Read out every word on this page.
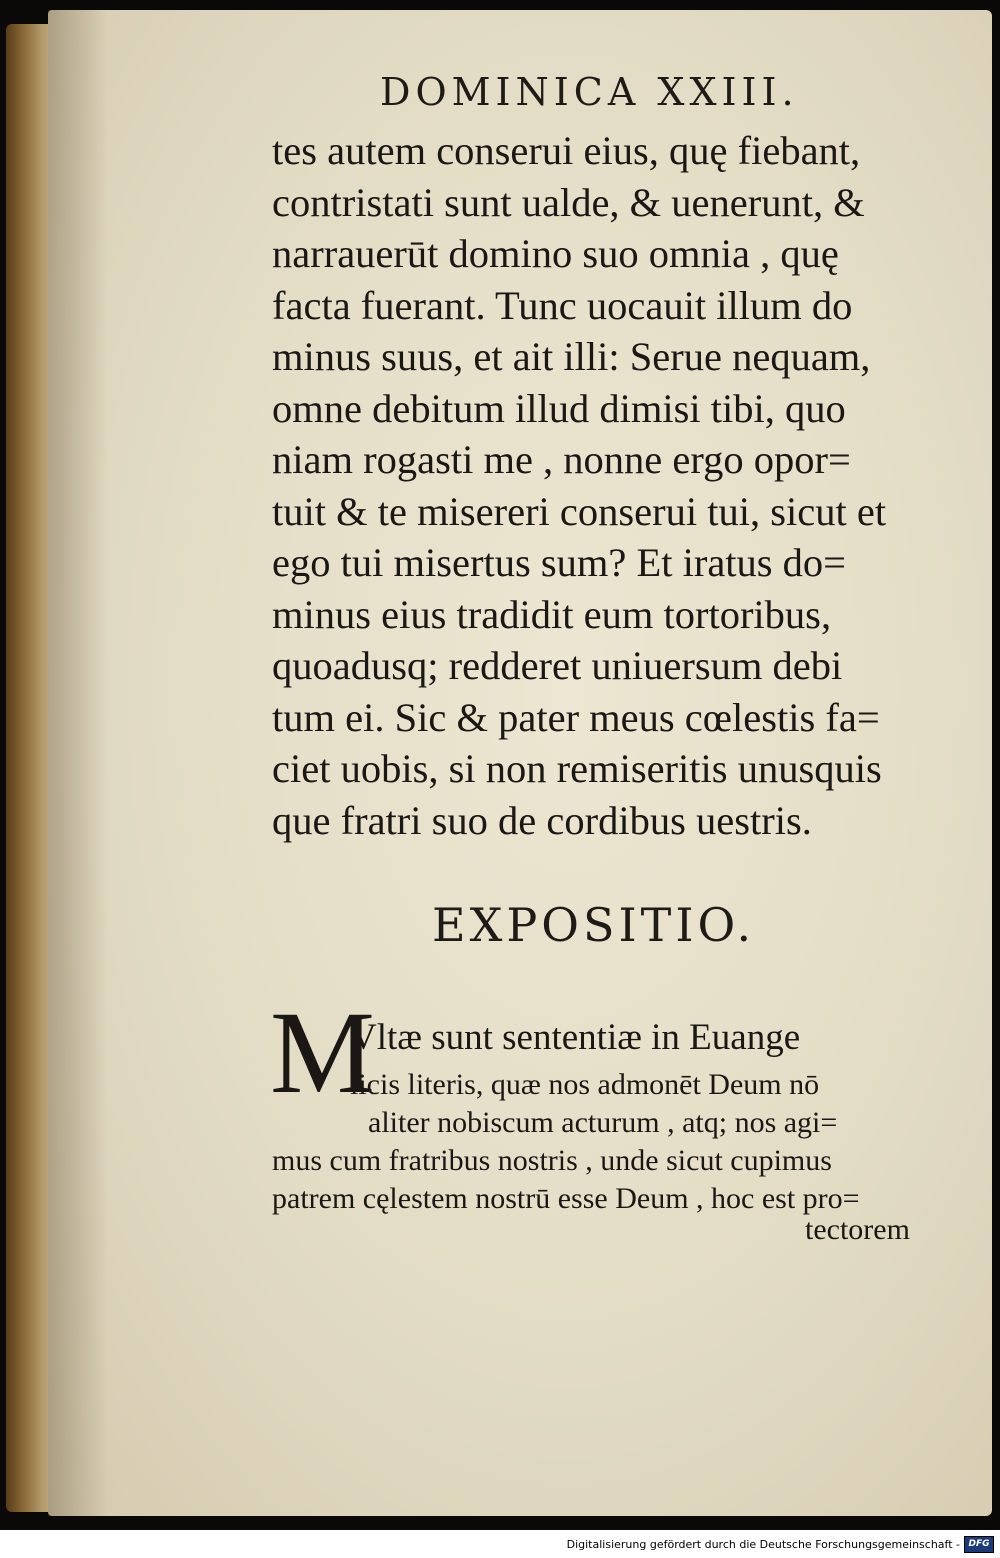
DOMINICA XXIII.
tes autem conserui eius, quę fiebant,
contristati sunt ualde, & uenerunt, &
narrauerūt domino suo omnia , quę
facta fuerant. Tunc uocauit illum do
minus suus, et ait illi: Serue nequam,
omne debitum illud dimisi tibi, quo
niam rogasti me , nonne ergo opor=
tuit & te misereri conserui tui, sicut et
ego tui misertus sum? Et iratus do=
minus eius tradidit eum tortoribus,
quoadusq; redderet uniuersum debi
tum ei. Sic & pater meus cœlestis fa=
ciet uobis, si non remiseritis unusquis
que fratri suo de cordibus uestris.
EXPOSITIO.
M
Vltæ sunt sententiæ in Euange
licis literis, quæ nos admonēt Deum nō
aliter nobiscum acturum , atq; nos agi=
mus cum fratribus nostris , unde sicut cupimus
patrem cęlestem nostrū esse Deum , hoc est pro=
tectorem
Digitalisierung gefördert durch die Deutsche Forschungsgemeinschaft - DFG
